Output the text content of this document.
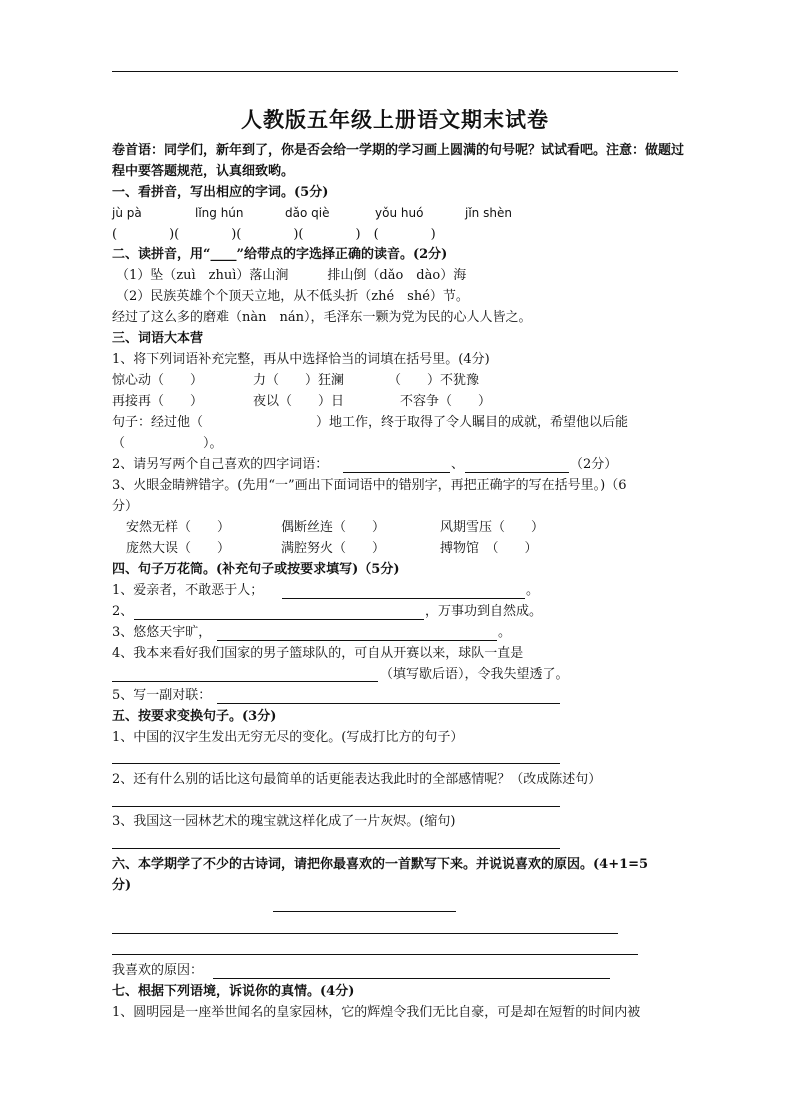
人教版五年级上册语文期末试卷
卷首语：同学们，新年到了，你是否会给一学期的学习画上圆满的句号呢？试试看吧。注意：做题过
程中要答题规范，认真细致哟。
一、看拼音，写出相应的字词。(5分)
jù pà	lǐng hún	dǎo qiè	yǒu huó	jǐn shèn
(　　　　)(　　　　)(　　　　)(　　　　)　(　　　　)
二、读拼音，用“____”给带点的字选择正确的读音。(2分)
（1）坠（zuì　zhuì）落山涧　　　排山倒（dǎo　dào）海
（2）民族英雄个个顶天立地，从不低头折（zhé　shé）节。
经过了这么多的磨难（nàn　nán），毛泽东一颗为党为民的心人人皆之。
三、词语大本营
1、将下列词语补充完整，再从中选择恰当的词填在括号里。(4分)
惊心动（　　）	力（　　）狂澜	（　　）不犹豫
再接再（　　）	夜以（　　）日	不容争（　　）
句子：经过他（	）地工作，终于取得了令人瞩目的成就，希望他以后能
（　　　　　　）。
2、请另写两个自己喜欢的四字词语：	、	（2分）
3、火眼金睛辨错字。(先用“一”画出下面词语中的错别字，再把正确字的写在括号里。)（6
分）
安然无样（　　）	偶断丝连（　　）	风期雪压（　　）
庞然大误（　　）	满腔努火（　　）	搏物馆　（　　）
四、句子万花筒。(补充句子或按要求填写)（5分)
1、爱亲者，不敢恶于人；	。
2、	，万事功到自然成。
3、悠悠天宇旷，	。
4、我本来看好我们国家的男子篮球队的，可自从开赛以来，球队一直是
（填写歇后语），令我失望透了。
5、写一副对联：
五、按要求变换句子。(3分)
1、中国的汉字生发出无穷无尽的变化。(写成打比方的句子）
2、还有什么别的话比这句最简单的话更能表达我此时的全部感情呢？（改成陈述句）
3、我国这一园林艺术的瑰宝就这样化成了一片灰烬。(缩句)
六、本学期学了不少的古诗词，请把你最喜欢的一首默写下来。并说说喜欢的原因。(4+1=5
分)
我喜欢的原因：
七、根据下列语境，诉说你的真情。(4分)
1、圆明园是一座举世闻名的皇家园林，它的辉煌令我们无比自豪，可是却在短暂的时间内被
